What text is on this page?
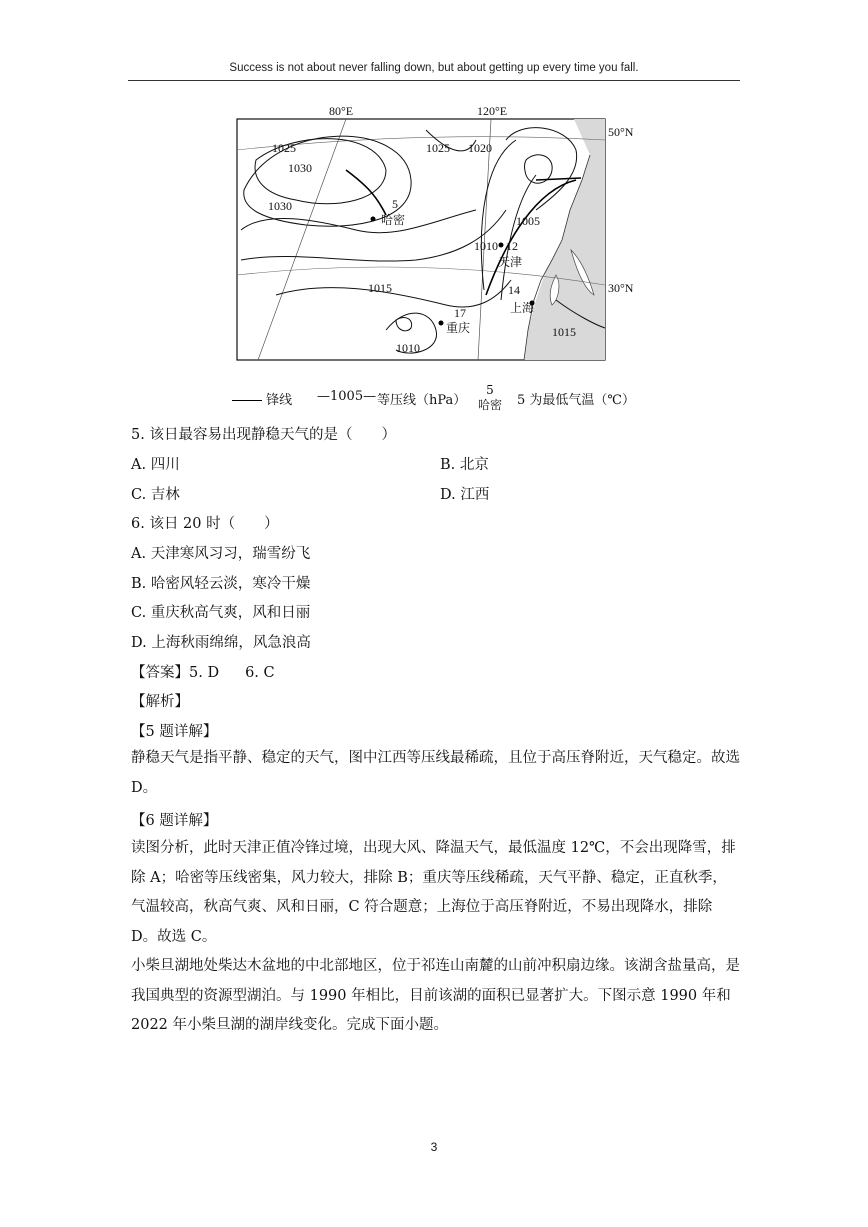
Success is not about never falling down, but about getting up every time you fall.
80°E	120°E
50°N
30°N
1025
1030
1030
1025 1020
1005
1010
1015
1010
1015
5
哈密
12
天津
14
上海
17
重庆
锋线 —1005— 等压线（hPa）
5
哈密 5 为最低气温（℃）
5. 该日最容易出现静稳天气的是（　　）
A. 四川	B. 北京
C. 吉林	D. 江西
6. 该日 20 时（　　）
A. 天津寒风习习，瑞雪纷飞
B. 哈密风轻云淡，寒冷干燥
C. 重庆秋高气爽，风和日丽
D. 上海秋雨绵绵，风急浪高
【答案】5. D 6. C
【解析】
【5 题详解】
静稳天气是指平静、稳定的天气，图中江西等压线最稀疏，且位于高压脊附近，天气稳定。故选 D。
【6 题详解】
读图分析，此时天津正值冷锋过境，出现大风、降温天气，最低温度 12℃，不会出现降雪，排除 A；哈密等压线密集，风力较大，排除 B；重庆等压线稀疏，天气平静、稳定，正直秋季，气温较高，秋高气爽、风和日丽，C 符合题意；上海位于高压脊附近，不易出现降水，排除 D。故选 C。
小柴旦湖地处柴达木盆地的中北部地区，位于祁连山南麓的山前冲积扇边缘。该湖含盐量高，是我国典型的资源型湖泊。与 1990 年相比，目前该湖的面积已显著扩大。下图示意 1990 年和 2022 年小柴旦湖的湖岸线变化。完成下面小题。
3
